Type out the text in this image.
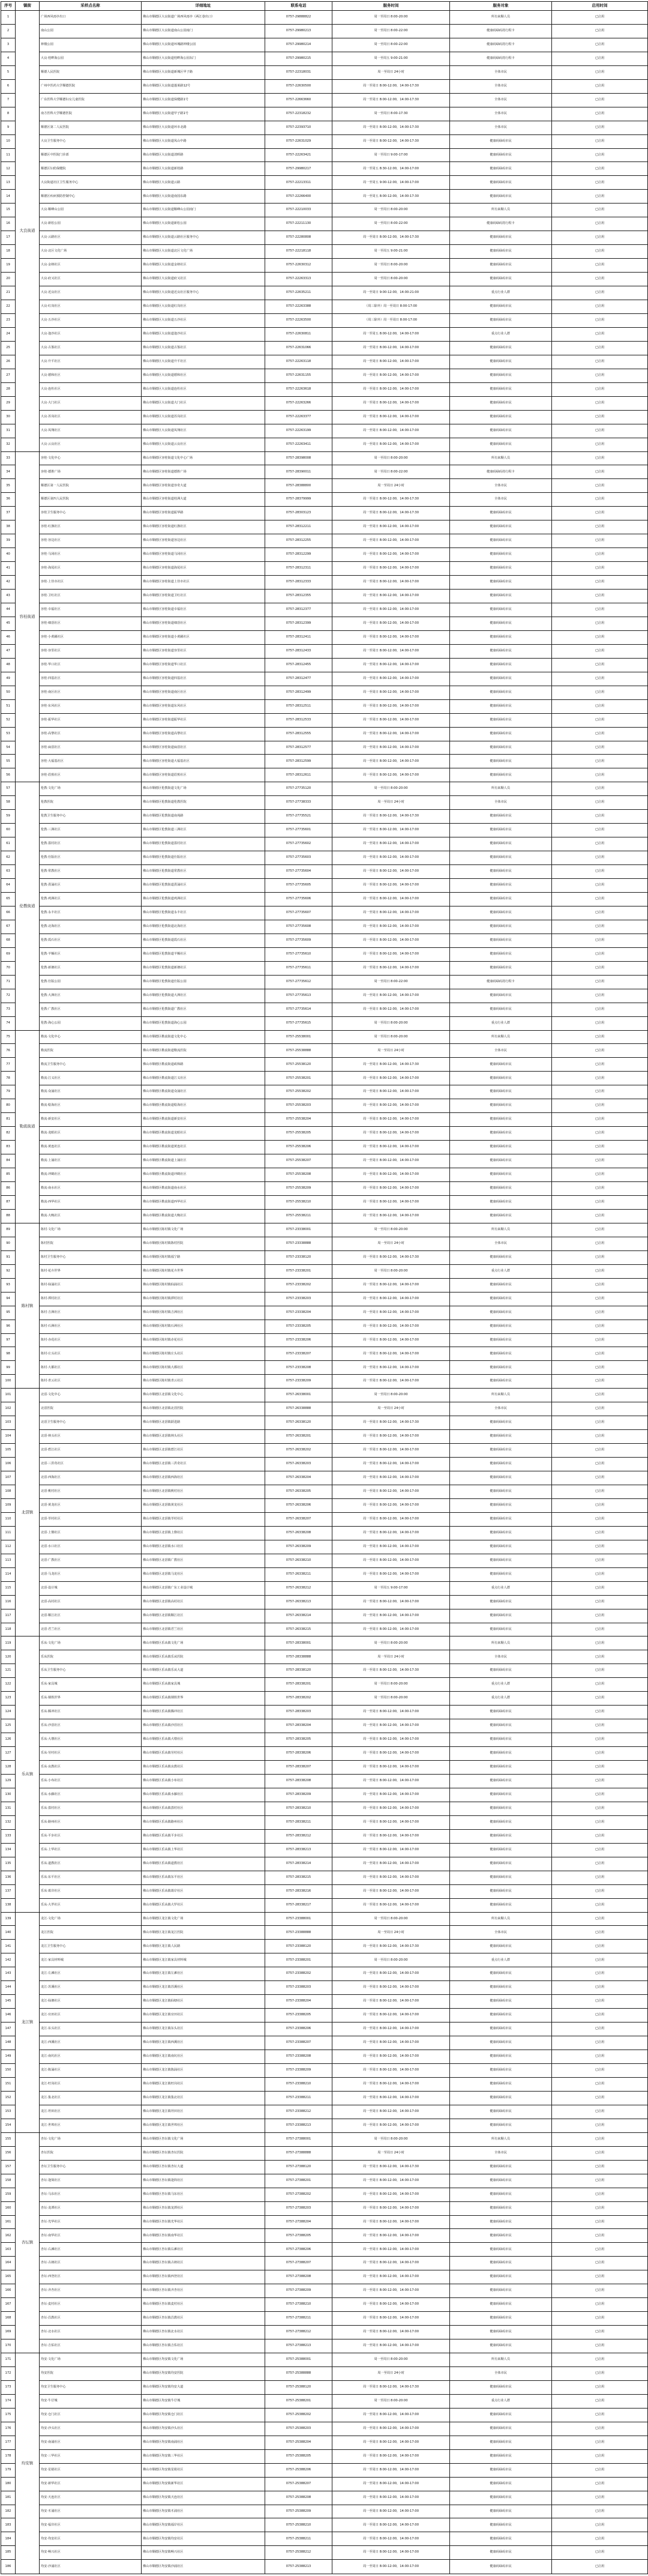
序号	镇街	采样点名称	详细地址	联系电话	服务时间	服务对象	启用时间
1	大良街道	广场西风雨亭出口	佛山市顺德区大良街道广场西风雨亭（两江巷出口）	0757-29888822	周一至周日 8:00-20:00	所有来顺人员	已启用
2		南山公园	佛山市顺德区大良街道南山公园南门	0757-29980213	周一至周日 8:00-22:00	健康码绿码持行程卡	已启用
3		钟楼公园	佛山市顺德区大良街道环城路钟楼公园	0757-29980214	周一至周日 8:00-22:00	健康码绿码持行程卡	已启用
4		大良·桂畔海公园	佛山市顺德区大良街道桂畔海公园东门	0757-29980215	周一至周五 9:00-21:00	健康码绿码持行程卡	已启用
5		顺德人民医院	佛山市顺德区大良街道新城区甲子路	0757-22318031	周一至周日 24小时	全体市民	已启用
6		广州中医药大学顺德医院	佛山市顺德区大良街道蓬莱路12号	0757-22630500	周一至周日 8:00-12:00，14:00-17:30	全体市民	已启用
7		广东医科大学顺德妇女儿童医院	佛山市顺德区大良街道保健路1号	0757-22663660	周一至周日 8:00-12:00，14:00-17:30	全体市民	已启用
8		南方医科大学顺德医院	佛山市顺德区大良街道甲子路1号	0757-22318232	周一至周日 8:00-17:30	全体市民	已启用
9		顺德区第二人民医院	佛山市顺德区大良街道环市北路	0757-22393710	周一至周日 8:00-12:00，14:00-17:30	全体市民	已启用
10		大良卫生服务中心	佛山市顺德区大良街道凤山中路	0757-22631029	周一至周日 8:00-12:00，14:00-17:30	健康码绿码市民	已启用
11		顺德区中医院门诊部	佛山市顺德区大良街道清晖路	0757-22263421	周一至周日 9:00-17:00	健康码绿码市民	已启用
12		顺德区妇幼保健院	佛山市顺德区大良街道新桂路	0757-29980217	周一至周五 8:30-12:00，14:00-17:00	健康码绿码市民	已启用
13		大良街道社区卫生服务中心	佛山市顺德区大良街道云路	0757-22213311	周一至周五 9:00-12:00，14:00-17:00	健康码绿码市民	已启用
14		顺德区疾病预防控制中心	佛山市顺德区大良街道南国东路	0757-22266400	周一至周五 8:00-12:00，14:00-17:30	健康码绿码市民	已启用
15		大良·顺峰山公园	佛山市顺德区大良街道顺峰山公园南门	0757-22210033	周一至周日 8:00-20:00	所有来顺人员	已启用
16		大良·新松公园	佛山市顺德区大良街道新松公园	0757-22211130	周一至周日 8:00-22:00	健康码绿码持行程卡	已启用
17		大良·云路社区	佛山市顺德区大良街道云路社区服务中心	0757-22280808	周一至周日 8:00-12:00，14:00-17:30	健康码绿码市民	已启用
18		大良·北区文化广场	佛山市顺德区大良街道北区文化广场	0757-22218118	周一至周五 9:00-21:00	健康码绿码市民	已启用
19		大良·金榜社区	佛山市顺德区大良街道金榜社区	0757-22630312	周一至周日 8:00-20:00	健康码绿码市民	已启用
20		大良·府又社区	佛山市顺德区大良街道府又社区	0757-22263313	周一至周日 8:00-20:00	健康码绿码市民	已启用
21		大良·近良社区	佛山市顺德区大良街道近良社区服务中心	0757-22635211	周一至周日 9:00-12:00，14:00-21:00	重点行业人群	已启用
22		大良·红岗社区	佛山市顺德区大良街道红岗社区	0757-22263388	（周三除外）周一至周日 8:00-17:00	健康码绿码市民	已启用
23		大良·五沙社区	佛山市顺德区大良街道五沙社区	0757-22263500	（周三除外）周一至周日 8:00-17:00	健康码绿码市民	已启用
24		大良·逢沙社区	佛山市顺德区大良街道逢沙社区	0757-22630811	周一至周五 8:00-12:00，14:00-17:00	重点行业人群	已启用
25		大良·古鉴社区	佛山市顺德区大良街道古鉴社区	0757-22631066	周一至周日 8:00-12:00，14:00-17:00	健康码绿码市民	已启用
26		大良·升平社区	佛山市顺德区大良街道升平社区	0757-22263118	周一至周日 8:00-12:00，14:00-17:00	健康码绿码市民	已启用
27		大良·德和社区	佛山市顺德区大良街道德和社区	0757-22631155	周一至周日 8:00-12:00，14:00-17:00	健康码绿码市民	已启用
28		大良·连杜社区	佛山市顺德区大良街道连杜社区	0757-22263618	周一至周日 8:00-12:00，14:00-17:00	健康码绿码市民	已启用
29		大良·大门社区	佛山市顺德区大良街道大门社区	0757-22263266	周一至周日 8:00-12:00，14:00-17:00	健康码绿码市民	已启用
30		大良·苏岗社区	佛山市顺德区大良街道苏岗社区	0757-22263377	周一至周日 8:00-12:00，14:00-17:00	健康码绿码市民	已启用
31		大良·凤翔社区	佛山市顺德区大良街道凤翔社区	0757-22263199	周一至周日 8:00-12:00，14:00-17:00	健康码绿码市民	已启用
32		大良·云良社区	佛山市顺德区大良街道云良社区	0757-22263411	周一至周日 8:00-12:00，14:00-17:00	健康码绿码市民	已启用
33	容桂街道	容桂·文化中心	佛山市顺德区容桂街道文化中心广场	0757-28398008	周一至周日 8:00-20:00	所有来顺人员	已启用
34		容桂·德胜广场	佛山市顺德区容桂街道德胜广场	0757-28390011	周一至周日 8:00-22:00	健康码绿码持行程卡	已启用
35		顺德区第一人民医院	佛山市顺德区容桂街道容奇大道	0757-28388800	周一至周日 24小时	全体市民	已启用
36		顺德区第四人民医院	佛山市顺德区容桂街道桂洲大道	0757-28379999	周一至周日 8:00-12:00，14:00-17:30	全体市民	已启用
37		容桂卫生服务中心	佛山市顺德区容桂街道振华路	0757-28303123	周一至周日 8:00-12:00，14:00-17:30	健康码绿码市民	已启用
38		容桂·红旗社区	佛山市顺德区容桂街道红旗社区	0757-28312211	周一至周日 8:00-12:00，14:00-17:00	健康码绿码市民	已启用
39		容桂·容边社区	佛山市顺德区容桂街道容边社区	0757-28312255	周一至周日 8:00-12:00，14:00-17:00	健康码绿码市民	已启用
40		容桂·马冈社区	佛山市顺德区容桂街道马冈社区	0757-28312299	周一至周日 8:00-12:00，14:00-17:00	健康码绿码市民	已启用
41		容桂·海尾社区	佛山市顺德区容桂街道海尾社区	0757-28312311	周一至周日 8:00-12:00，14:00-17:00	健康码绿码市民	已启用
42		容桂·上佳市社区	佛山市顺德区容桂街道上佳市社区	0757-28312333	周一至周日 8:00-12:00，14:00-17:00	健康码绿码市民	已启用
43		容桂·卫红社区	佛山市顺德区容桂街道卫红社区	0757-28312355	周一至周日 8:00-12:00，14:00-17:00	健康码绿码市民	已启用
44		容桂·幸福社区	佛山市顺德区容桂街道幸福社区	0757-28312377	周一至周日 8:00-12:00，14:00-17:00	健康码绿码市民	已启用
45		容桂·细滘社区	佛山市顺德区容桂街道细滘社区	0757-28312399	周一至周日 8:00-12:00，14:00-17:00	健康码绿码市民	已启用
46		容桂·小黄圃社区	佛山市顺德区容桂街道小黄圃社区	0757-28312411	周一至周日 8:00-12:00，14:00-17:00	健康码绿码市民	已启用
47		容桂·容里社区	佛山市顺德区容桂街道容里社区	0757-28312433	周一至周日 8:00-12:00，14:00-17:00	健康码绿码市民	已启用
48		容桂·华口社区	佛山市顺德区容桂街道华口社区	0757-28312455	周一至周日 8:00-12:00，14:00-17:00	健康码绿码市民	已启用
49		容桂·四基社区	佛山市顺德区容桂街道四基社区	0757-28312477	周一至周日 8:00-12:00，14:00-17:00	健康码绿码市民	已启用
50		容桂·南区社区	佛山市顺德区容桂街道南区社区	0757-28312499	周一至周日 8:00-12:00，14:00-17:00	健康码绿码市民	已启用
51		容桂·东风社区	佛山市顺德区容桂街道东风社区	0757-28312511	周一至周日 8:00-12:00，14:00-17:00	健康码绿码市民	已启用
52		容桂·振华社区	佛山市顺德区容桂街道振华社区	0757-28312533	周一至周日 8:00-12:00，14:00-17:00	健康码绿码市民	已启用
53		容桂·高黎社区	佛山市顺德区容桂街道高黎社区	0757-28312555	周一至周日 8:00-12:00，14:00-17:00	健康码绿码市民	已启用
54		容桂·扁滘社区	佛山市顺德区容桂街道扁滘社区	0757-28312577	周一至周日 8:00-12:00，14:00-17:00	健康码绿码市民	已启用
55		容桂·大福基社区	佛山市顺德区容桂街道大福基社区	0757-28312599	周一至周日 8:00-12:00，14:00-17:00	健康码绿码市民	已启用
56		容桂·眉蕉社区	佛山市顺德区容桂街道眉蕉社区	0757-28312611	周一至周日 8:00-12:00，14:00-17:00	健康码绿码市民	已启用
57	伦教街道	伦教·文化广场	佛山市顺德区伦教街道文化广场	0757-27735120	周一至周日 8:00-20:00	所有来顺人员	已启用
58		伦教医院	佛山市顺德区伦教街道伦教医院	0757-27738333	周一至周日 24小时	全体市民	已启用
59		伦教卫生服务中心	佛山市顺德区伦教街道南苑路	0757-27735521	周一至周日 8:00-12:00，14:00-17:30	健康码绿码市民	已启用
60		伦教·三洲社区	佛山市顺德区伦教街道三洲社区	0757-27735601	周一至周日 8:00-12:00，14:00-17:00	健康码绿码市民	已启用
61		伦教·荔村社区	佛山市顺德区伦教街道荔村社区	0757-27735602	周一至周日 8:00-12:00，14:00-17:00	健康码绿码市民	已启用
62		伦教·仕版社区	佛山市顺德区伦教街道仕版社区	0757-27735603	周一至周日 8:00-12:00，14:00-17:00	健康码绿码市民	已启用
63		伦教·常教社区	佛山市顺德区伦教街道常教社区	0757-27735604	周一至周日 8:00-12:00，14:00-17:00	健康码绿码市民	已启用
64		伦教·熹涌社区	佛山市顺德区伦教街道熹涌社区	0757-27735605	周一至周日 8:00-12:00，14:00-17:00	健康码绿码市民	已启用
65		伦教·鸡洲社区	佛山市顺德区伦教街道鸡洲社区	0757-27735606	周一至周日 8:00-12:00，14:00-17:00	健康码绿码市民	已启用
66		伦教·永丰社区	佛山市顺德区伦教街道永丰社区	0757-27735607	周一至周日 8:00-12:00，14:00-17:00	健康码绿码市民	已启用
67		伦教·北海社区	佛山市顺德区伦教街道北海社区	0757-27735608	周一至周日 8:00-12:00，14:00-17:00	健康码绿码市民	已启用
68		伦教·霞石社区	佛山市顺德区伦教街道霞石社区	0757-27735609	周一至周日 8:00-12:00，14:00-17:00	健康码绿码市民	已启用
69		伦教·羊额社区	佛山市顺德区伦教街道羊额社区	0757-27735610	周一至周日 8:00-12:00，14:00-17:00	健康码绿码市民	已启用
70		伦教·新塘社区	佛山市顺德区伦教街道新塘社区	0757-27735611	周一至周日 8:00-12:00，14:00-17:00	健康码绿码市民	已启用
71		伦教·仕版公园	佛山市顺德区伦教街道仕版公园	0757-27735612	周一至周日 8:00-22:00	健康码绿码持行程卡	已启用
72		伦教·大洲社区	佛山市顺德区伦教街道大洲社区	0757-27735613	周一至周日 8:00-12:00，14:00-17:00	健康码绿码市民	已启用
73		伦教·广教社区	佛山市顺德区伦教街道广教社区	0757-27735614	周一至周日 8:00-12:00，14:00-17:00	健康码绿码市民	已启用
74		伦教·海心公园	佛山市顺德区伦教街道海心公园	0757-27735615	周一至周日 8:00-20:00	重点行业人群	已启用
75	勒流街道	勒流·文化中心	佛山市顺德区勒流街道文化中心	0757-25538001	周一至周日 8:00-20:00	所有来顺人员	已启用
76		勒流医院	佛山市顺德区勒流街道勒流医院	0757-25538888	周一至周日 24小时	全体市民	已启用
77		勒流卫生服务中心	佛山市顺德区勒流街道政和路	0757-25538120	周一至周日 8:00-12:00，14:00-17:30	健康码绿码市民	已启用
78		勒流·江义社区	佛山市顺德区勒流街道江义社区	0757-25538201	周一至周日 8:00-12:00，14:00-17:00	健康码绿码市民	已启用
79		勒流·众涌社区	佛山市顺德区勒流街道众涌社区	0757-25538202	周一至周日 8:00-12:00，14:00-17:00	健康码绿码市民	已启用
80		勒流·稔海社区	佛山市顺德区勒流街道稔海社区	0757-25538203	周一至周日 8:00-12:00，14:00-17:00	健康码绿码市民	已启用
81		勒流·新安社区	佛山市顺德区勒流街道新安社区	0757-25538204	周一至周日 8:00-12:00，14:00-17:00	健康码绿码市民	已启用
82		勒流·龙眼社区	佛山市顺德区勒流街道龙眼社区	0757-25538205	周一至周日 8:00-12:00，14:00-17:00	健康码绿码市民	已启用
83		勒流·黄连社区	佛山市顺德区勒流街道黄连社区	0757-25538206	周一至周日 8:00-12:00，14:00-17:00	健康码绿码市民	已启用
84		勒流·上涌社区	佛山市顺德区勒流街道上涌社区	0757-25538207	周一至周日 8:00-12:00，14:00-17:00	健康码绿码市民	已启用
85		勒流·冲鹤社区	佛山市顺德区勒流街道冲鹤社区	0757-25538208	周一至周日 8:00-12:00，14:00-17:00	健康码绿码市民	已启用
86		勒流·南水社区	佛山市顺德区勒流街道南水社区	0757-25538209	周一至周日 8:00-12:00，14:00-17:00	健康码绿码市民	已启用
87		勒流·西华社区	佛山市顺德区勒流街道西华社区	0757-25538210	周一至周日 8:00-12:00，14:00-17:00	健康码绿码市民	已启用
88		勒流·大晚社区	佛山市顺德区勒流街道大晚社区	0757-25538211	周一至周日 8:00-12:00，14:00-17:00	健康码绿码市民	已启用
89	陈村镇	陈村·文化广场	佛山市顺德区陈村镇文化广场	0757-23338001	周一至周日 8:00-20:00	所有来顺人员	已启用
90		陈村医院	佛山市顺德区陈村镇陈村医院	0757-23338888	周一至周日 24小时	全体市民	已启用
91		陈村卫生服务中心	佛山市顺德区陈村镇福宁路	0757-23338120	周一至周日 8:00-12:00，14:00-17:30	健康码绿码市民	已启用
92		陈村·花卉世界	佛山市顺德区陈村镇花卉世界	0757-23338201	周一至周日 8:00-20:00	重点行业人群	已启用
93		陈村·仙涌社区	佛山市顺德区陈村镇仙涌社区	0757-23338202	周一至周日 8:00-12:00，14:00-17:00	健康码绿码市民	已启用
94		陈村·潭村社区	佛山市顺德区陈村镇潭村社区	0757-23338203	周一至周日 8:00-12:00，14:00-17:00	健康码绿码市民	已启用
95		陈村·吉洲社区	佛山市顺德区陈村镇吉洲社区	0757-23338204	周一至周日 8:00-12:00，14:00-17:00	健康码绿码市民	已启用
96		陈村·石洲社区	佛山市顺德区陈村镇石洲社区	0757-23338205	周一至周日 8:00-12:00，14:00-17:00	健康码绿码市民	已启用
97		陈村·赤花社区	佛山市顺德区陈村镇赤花社区	0757-23338206	周一至周日 8:00-12:00，14:00-17:00	健康码绿码市民	已启用
98		陈村·庄头社区	佛山市顺德区陈村镇庄头社区	0757-23338207	周一至周日 8:00-12:00，14:00-17:00	健康码绿码市民	已启用
99		陈村·大都社区	佛山市顺德区陈村镇大都社区	0757-23338208	周一至周日 8:00-12:00，14:00-17:00	健康码绿码市民	已启用
100		陈村·青云社区	佛山市顺德区陈村镇青云社区	0757-23338209	周一至周日 8:00-12:00，14:00-17:00	健康码绿码市民	已启用
101	北滘镇	北滘·文化中心	佛山市顺德区北滘镇文化中心	0757-26338001	周一至周日 8:00-20:00	所有来顺人员	已启用
102		北滘医院	佛山市顺德区北滘镇北滘医院	0757-26338888	周一至周日 24小时	全体市民	已启用
103		北滘卫生服务中心	佛山市顺德区北滘镇跃进路	0757-26338120	周一至周日 8:00-12:00，14:00-17:30	健康码绿码市民	已启用
104		北滘·林头社区	佛山市顺德区北滘镇林头社区	0757-26338201	周一至周日 8:00-12:00，14:00-17:00	健康码绿码市民	已启用
105		北滘·碧江社区	佛山市顺德区北滘镇碧江社区	0757-26338202	周一至周日 8:00-12:00，14:00-17:00	健康码绿码市民	已启用
106		北滘·三洪奇社区	佛山市顺德区北滘镇三洪奇社区	0757-26338203	周一至周日 8:00-12:00，14:00-17:00	健康码绿码市民	已启用
107		北滘·西海社区	佛山市顺德区北滘镇西海社区	0757-26338204	周一至周日 8:00-12:00，14:00-17:00	健康码绿码市民	已启用
108		北滘·桃村社区	佛山市顺德区北滘镇桃村社区	0757-26338205	周一至周日 8:00-12:00，14:00-17:00	健康码绿码市民	已启用
109		北滘·黄龙社区	佛山市顺德区北滘镇黄龙社区	0757-26338206	周一至周日 8:00-12:00，14:00-17:00	健康码绿码市民	已启用
110		北滘·莘村社区	佛山市顺德区北滘镇莘村社区	0757-26338207	周一至周日 8:00-12:00，14:00-17:00	健康码绿码市民	已启用
111		北滘·上僚社区	佛山市顺德区北滘镇上僚社区	0757-26338208	周一至周日 8:00-12:00，14:00-17:00	健康码绿码市民	已启用
112		北滘·水口社区	佛山市顺德区北滘镇水口社区	0757-26338209	周一至周日 8:00-12:00，14:00-17:00	健康码绿码市民	已启用
113		北滘·广教社区	佛山市顺德区北滘镇广教社区	0757-26338210	周一至周日 8:00-12:00，14:00-17:00	健康码绿码市民	已启用
114		北滘·马龙社区	佛山市顺德区北滘镇马龙社区	0757-26338211	周一至周日 8:00-12:00，14:00-17:00	健康码绿码市民	已启用
115		北滘·设计城	佛山市顺德区北滘镇广东工业设计城	0757-26338212	周一至周五 9:00-17:00	重点行业人群	已启用
116		北滘·高村社区	佛山市顺德区北滘镇高村社区	0757-26338213	周一至周日 8:00-12:00，14:00-17:00	健康码绿码市民	已启用
117		北滘·顺江社区	佛山市顺德区北滘镇顺江社区	0757-26338214	周一至周日 8:00-12:00，14:00-17:00	健康码绿码市民	已启用
118		北滘·君兰社区	佛山市顺德区北滘镇君兰社区	0757-26338215	周一至周日 8:00-12:00，14:00-17:00	健康码绿码市民	已启用
119	乐从镇	乐从·文化广场	佛山市顺德区乐从镇文化广场	0757-28338001	周一至周日 8:00-20:00	所有来顺人员	已启用
120		乐从医院	佛山市顺德区乐从镇乐从医院	0757-28338888	周一至周日 24小时	全体市民	已启用
121		乐从卫生服务中心	佛山市顺德区乐从镇乐从大道	0757-28338120	周一至周日 8:00-12:00，14:00-17:30	健康码绿码市民	已启用
122		乐从·家具城	佛山市顺德区乐从镇家具城	0757-28338201	周一至周日 8:00-20:00	重点行业人群	已启用
123		乐从·钢铁世界	佛山市顺德区乐从镇钢铁世界	0757-28338202	周一至周日 8:00-20:00	重点行业人群	已启用
124		乐从·腾冲社区	佛山市顺德区乐从镇腾冲社区	0757-28338203	周一至周日 8:00-12:00，14:00-17:00	健康码绿码市民	已启用
125		乐从·沙滘社区	佛山市顺德区乐从镇沙滘社区	0757-28338204	周一至周日 8:00-12:00，14:00-17:00	健康码绿码市民	已启用
126		乐从·大墩社区	佛山市顺德区乐从镇大墩社区	0757-28338205	周一至周日 8:00-12:00，14:00-17:00	健康码绿码市民	已启用
127		乐从·劳村社区	佛山市顺德区乐从镇劳村社区	0757-28338206	周一至周日 8:00-12:00，14:00-17:00	健康码绿码市民	已启用
128		乐从·良教社区	佛山市顺德区乐从镇良教社区	0757-28338207	周一至周日 8:00-12:00，14:00-17:00	健康码绿码市民	已启用
129		乐从·小布社区	佛山市顺德区乐从镇小布社区	0757-28338208	周一至周日 8:00-12:00，14:00-17:00	健康码绿码市民	已启用
130		乐从·水藤社区	佛山市顺德区乐从镇水藤社区	0757-28338209	周一至周日 8:00-12:00，14:00-17:00	健康码绿码市民	已启用
131		乐从·荔村社区	佛山市顺德区乐从镇荔村社区	0757-28338210	周一至周日 8:00-12:00，14:00-17:00	健康码绿码市民	已启用
132		乐从·路州社区	佛山市顺德区乐从镇路州社区	0757-28338211	周一至周日 8:00-12:00，14:00-17:00	健康码绿码市民	已启用
133		乐从·平步社区	佛山市顺德区乐从镇平步社区	0757-28338212	周一至周日 8:00-12:00，14:00-17:00	健康码绿码市民	已启用
134		乐从·上华社区	佛山市顺德区乐从镇上华社区	0757-28338213	周一至周日 8:00-12:00，14:00-17:00	健康码绿码市民	已启用
135		乐从·道教社区	佛山市顺德区乐从镇道教社区	0757-28338214	周一至周日 8:00-12:00，14:00-17:00	健康码绿码市民	已启用
136		乐从·东平社区	佛山市顺德区乐从镇东平社区	0757-28338215	周一至周日 8:00-12:00，14:00-17:00	健康码绿码市民	已启用
137		乐从·葛岸社区	佛山市顺德区乐从镇葛岸社区	0757-28338216	周一至周日 8:00-12:00，14:00-17:00	健康码绿码市民	已启用
138		乐从·大罗社区	佛山市顺德区乐从镇大罗社区	0757-28338217	周一至周日 8:00-12:00，14:00-17:00	健康码绿码市民	已启用
139	龙江镇	龙江·文化广场	佛山市顺德区龙江镇文化广场	0757-23388001	周一至周日 8:00-20:00	所有来顺人员	已启用
140		龙江医院	佛山市顺德区龙江镇龙江医院	0757-23388888	周一至周日 24小时	全体市民	已启用
141		龙江卫生服务中心	佛山市顺德区龙江镇人民路	0757-23388120	周一至周日 8:00-12:00，14:00-17:30	健康码绿码市民	已启用
142		龙江·家具材料城	佛山市顺德区龙江镇家具材料城	0757-23388201	周一至周日 8:00-20:00	重点行业人群	已启用
143		龙江·左滩社区	佛山市顺德区龙江镇左滩社区	0757-23388202	周一至周日 8:00-12:00，14:00-17:00	健康码绿码市民	已启用
144		龙江·苏溪社区	佛山市顺德区龙江镇苏溪社区	0757-23388203	周一至周日 8:00-12:00，14:00-17:00	健康码绿码市民	已启用
145		龙江·仙塘社区	佛山市顺德区龙江镇仙塘社区	0757-23388204	周一至周日 8:00-12:00，14:00-17:00	健康码绿码市民	已启用
146		龙江·官田社区	佛山市顺德区龙江镇官田社区	0757-23388205	周一至周日 8:00-12:00，14:00-17:00	健康码绿码市民	已启用
147		龙江·东头社区	佛山市顺德区龙江镇东头社区	0757-23388206	周一至周日 8:00-12:00，14:00-17:00	健康码绿码市民	已启用
148		龙江·西溪社区	佛山市顺德区龙江镇西溪社区	0757-23388207	周一至周日 8:00-12:00，14:00-17:00	健康码绿码市民	已启用
149		龙江·南坑社区	佛山市顺德区龙江镇南坑社区	0757-23388208	周一至周日 8:00-12:00，14:00-17:00	健康码绿码市民	已启用
150		龙江·陈涌社区	佛山市顺德区龙江镇陈涌社区	0757-23388209	周一至周日 8:00-12:00，14:00-17:00	健康码绿码市民	已启用
151		龙江·旺岗社区	佛山市顺德区龙江镇旺岗社区	0757-23388210	周一至周日 8:00-12:00，14:00-17:00	健康码绿码市民	已启用
152		龙江·集北社区	佛山市顺德区龙江镇集北社区	0757-23388211	周一至周日 8:00-12:00，14:00-17:00	健康码绿码市民	已启用
153		龙江·坦田社区	佛山市顺德区龙江镇坦田社区	0757-23388212	周一至周日 8:00-12:00，14:00-17:00	健康码绿码市民	已启用
154		龙江·世埠社区	佛山市顺德区龙江镇世埠社区	0757-23388213	周一至周日 8:00-12:00，14:00-17:00	健康码绿码市民	已启用
155	杏坛镇	杏坛·文化广场	佛山市顺德区杏坛镇文化广场	0757-27388001	周一至周日 8:00-20:00	所有来顺人员	已启用
156		杏坛医院	佛山市顺德区杏坛镇杏坛医院	0757-27388888	周一至周日 24小时	全体市民	已启用
157		杏坛卫生服务中心	佛山市顺德区杏坛镇杏坛大道	0757-27388120	周一至周日 8:00-12:00，14:00-17:30	健康码绿码市民	已启用
158		杏坛·逢简社区	佛山市顺德区杏坛镇逢简社区	0757-27388201	周一至周日 8:00-12:00，14:00-17:00	健康码绿码市民	已启用
159		杏坛·马东社区	佛山市顺德区杏坛镇马东社区	0757-27388202	周一至周日 8:00-12:00，14:00-17:00	健康码绿码市民	已启用
160		杏坛·龙潭社区	佛山市顺德区杏坛镇龙潭社区	0757-27388203	周一至周日 8:00-12:00，14:00-17:00	健康码绿码市民	已启用
161		杏坛·光华社区	佛山市顺德区杏坛镇光华社区	0757-27388204	周一至周日 8:00-12:00，14:00-17:00	健康码绿码市民	已启用
162		杏坛·南华社区	佛山市顺德区杏坛镇南华社区	0757-27388205	周一至周日 8:00-12:00，14:00-17:00	健康码绿码市民	已启用
163		杏坛·右滩社区	佛山市顺德区杏坛镇右滩社区	0757-27388206	周一至周日 8:00-12:00，14:00-17:00	健康码绿码市民	已启用
164		杏坛·古朗社区	佛山市顺德区杏坛镇古朗社区	0757-27388207	周一至周日 8:00-12:00，14:00-17:00	健康码绿码市民	已启用
165		杏坛·西登社区	佛山市顺德区杏坛镇西登社区	0757-27388208	周一至周日 8:00-12:00，14:00-17:00	健康码绿码市民	已启用
166		杏坛·齐杏社区	佛山市顺德区杏坛镇齐杏社区	0757-27388209	周一至周日 8:00-12:00，14:00-17:00	健康码绿码市民	已启用
167		杏坛·麦村社区	佛山市顺德区杏坛镇麦村社区	0757-27388210	周一至周日 8:00-12:00，14:00-17:00	健康码绿码市民	已启用
168		杏坛·昌教社区	佛山市顺德区杏坛镇昌教社区	0757-27388211	周一至周日 8:00-12:00，14:00-17:00	健康码绿码市民	已启用
169		杏坛·北水社区	佛山市顺德区杏坛镇北水社区	0757-27388212	周一至周日 8:00-12:00，14:00-17:00	健康码绿码市民	已启用
170		杏坛·吉佑社区	佛山市顺德区杏坛镇吉佑社区	0757-27388213	周一至周日 8:00-12:00，14:00-17:00	健康码绿码市民	已启用
171	均安镇	均安·文化广场	佛山市顺德区均安镇文化广场	0757-25388001	周一至周日 8:00-20:00	所有来顺人员	已启用
172		均安医院	佛山市顺德区均安镇均安医院	0757-25388888	周一至周日 24小时	全体市民	已启用
173		均安卫生服务中心	佛山市顺德区均安镇均安大道	0757-25388120	周一至周日 8:00-12:00，14:00-17:30	健康码绿码市民	已启用
174		均安·牛仔城	佛山市顺德区均安镇牛仔城	0757-25388201	周一至周日 8:00-20:00	重点行业人群	已启用
175		均安·仓门社区	佛山市顺德区均安镇仓门社区	0757-25388202	周一至周日 8:00-12:00，14:00-17:00	健康码绿码市民	已启用
176		均安·沙头社区	佛山市顺德区均安镇沙头社区	0757-25388203	周一至周日 8:00-12:00，14:00-17:00	健康码绿码市民	已启用
177		均安·南浦社区	佛山市顺德区均安镇南浦社区	0757-25388204	周一至周日 8:00-12:00，14:00-17:00	健康码绿码市民	已启用
178		均安·三华社区	佛山市顺德区均安镇三华社区	0757-25388205	周一至周日 8:00-12:00，14:00-17:00	健康码绿码市民	已启用
179		均安·星槎社区	佛山市顺德区均安镇星槎社区	0757-25388206	周一至周日 8:00-12:00，14:00-17:00	健康码绿码市民	已启用
180		均安·新华社区	佛山市顺德区均安镇新华社区	0757-25388207	周一至周日 8:00-12:00，14:00-17:00	健康码绿码市民	已启用
181		均安·天连社区	佛山市顺德区均安镇天连社区	0757-25388208	周一至周日 8:00-12:00，14:00-17:00	健康码绿码市民	已启用
182		均安·豸浦社区	佛山市顺德区均安镇豸浦社区	0757-25388209	周一至周日 8:00-12:00，14:00-17:00	健康码绿码市民	已启用
183		均安·福岸社区	佛山市顺德区均安镇福岸社区	0757-25388210	周一至周日 8:00-12:00，14:00-17:00	健康码绿码市民	已启用
184		均安·均安社区	佛山市顺德区均安镇均安社区	0757-25388211	周一至周日 8:00-12:00，14:00-17:00	健康码绿码市民	已启用
185		均安·畅兴社区	佛山市顺德区均安镇畅兴社区	0757-25388212	周一至周日 8:00-12:00，14:00-17:00	健康码绿码市民	已启用
186		均安·沙浦社区	佛山市顺德区均安镇沙浦社区	0757-25388213	周一至周日 8:00-12:00，14:00-17:00	健康码绿码市民	已启用
